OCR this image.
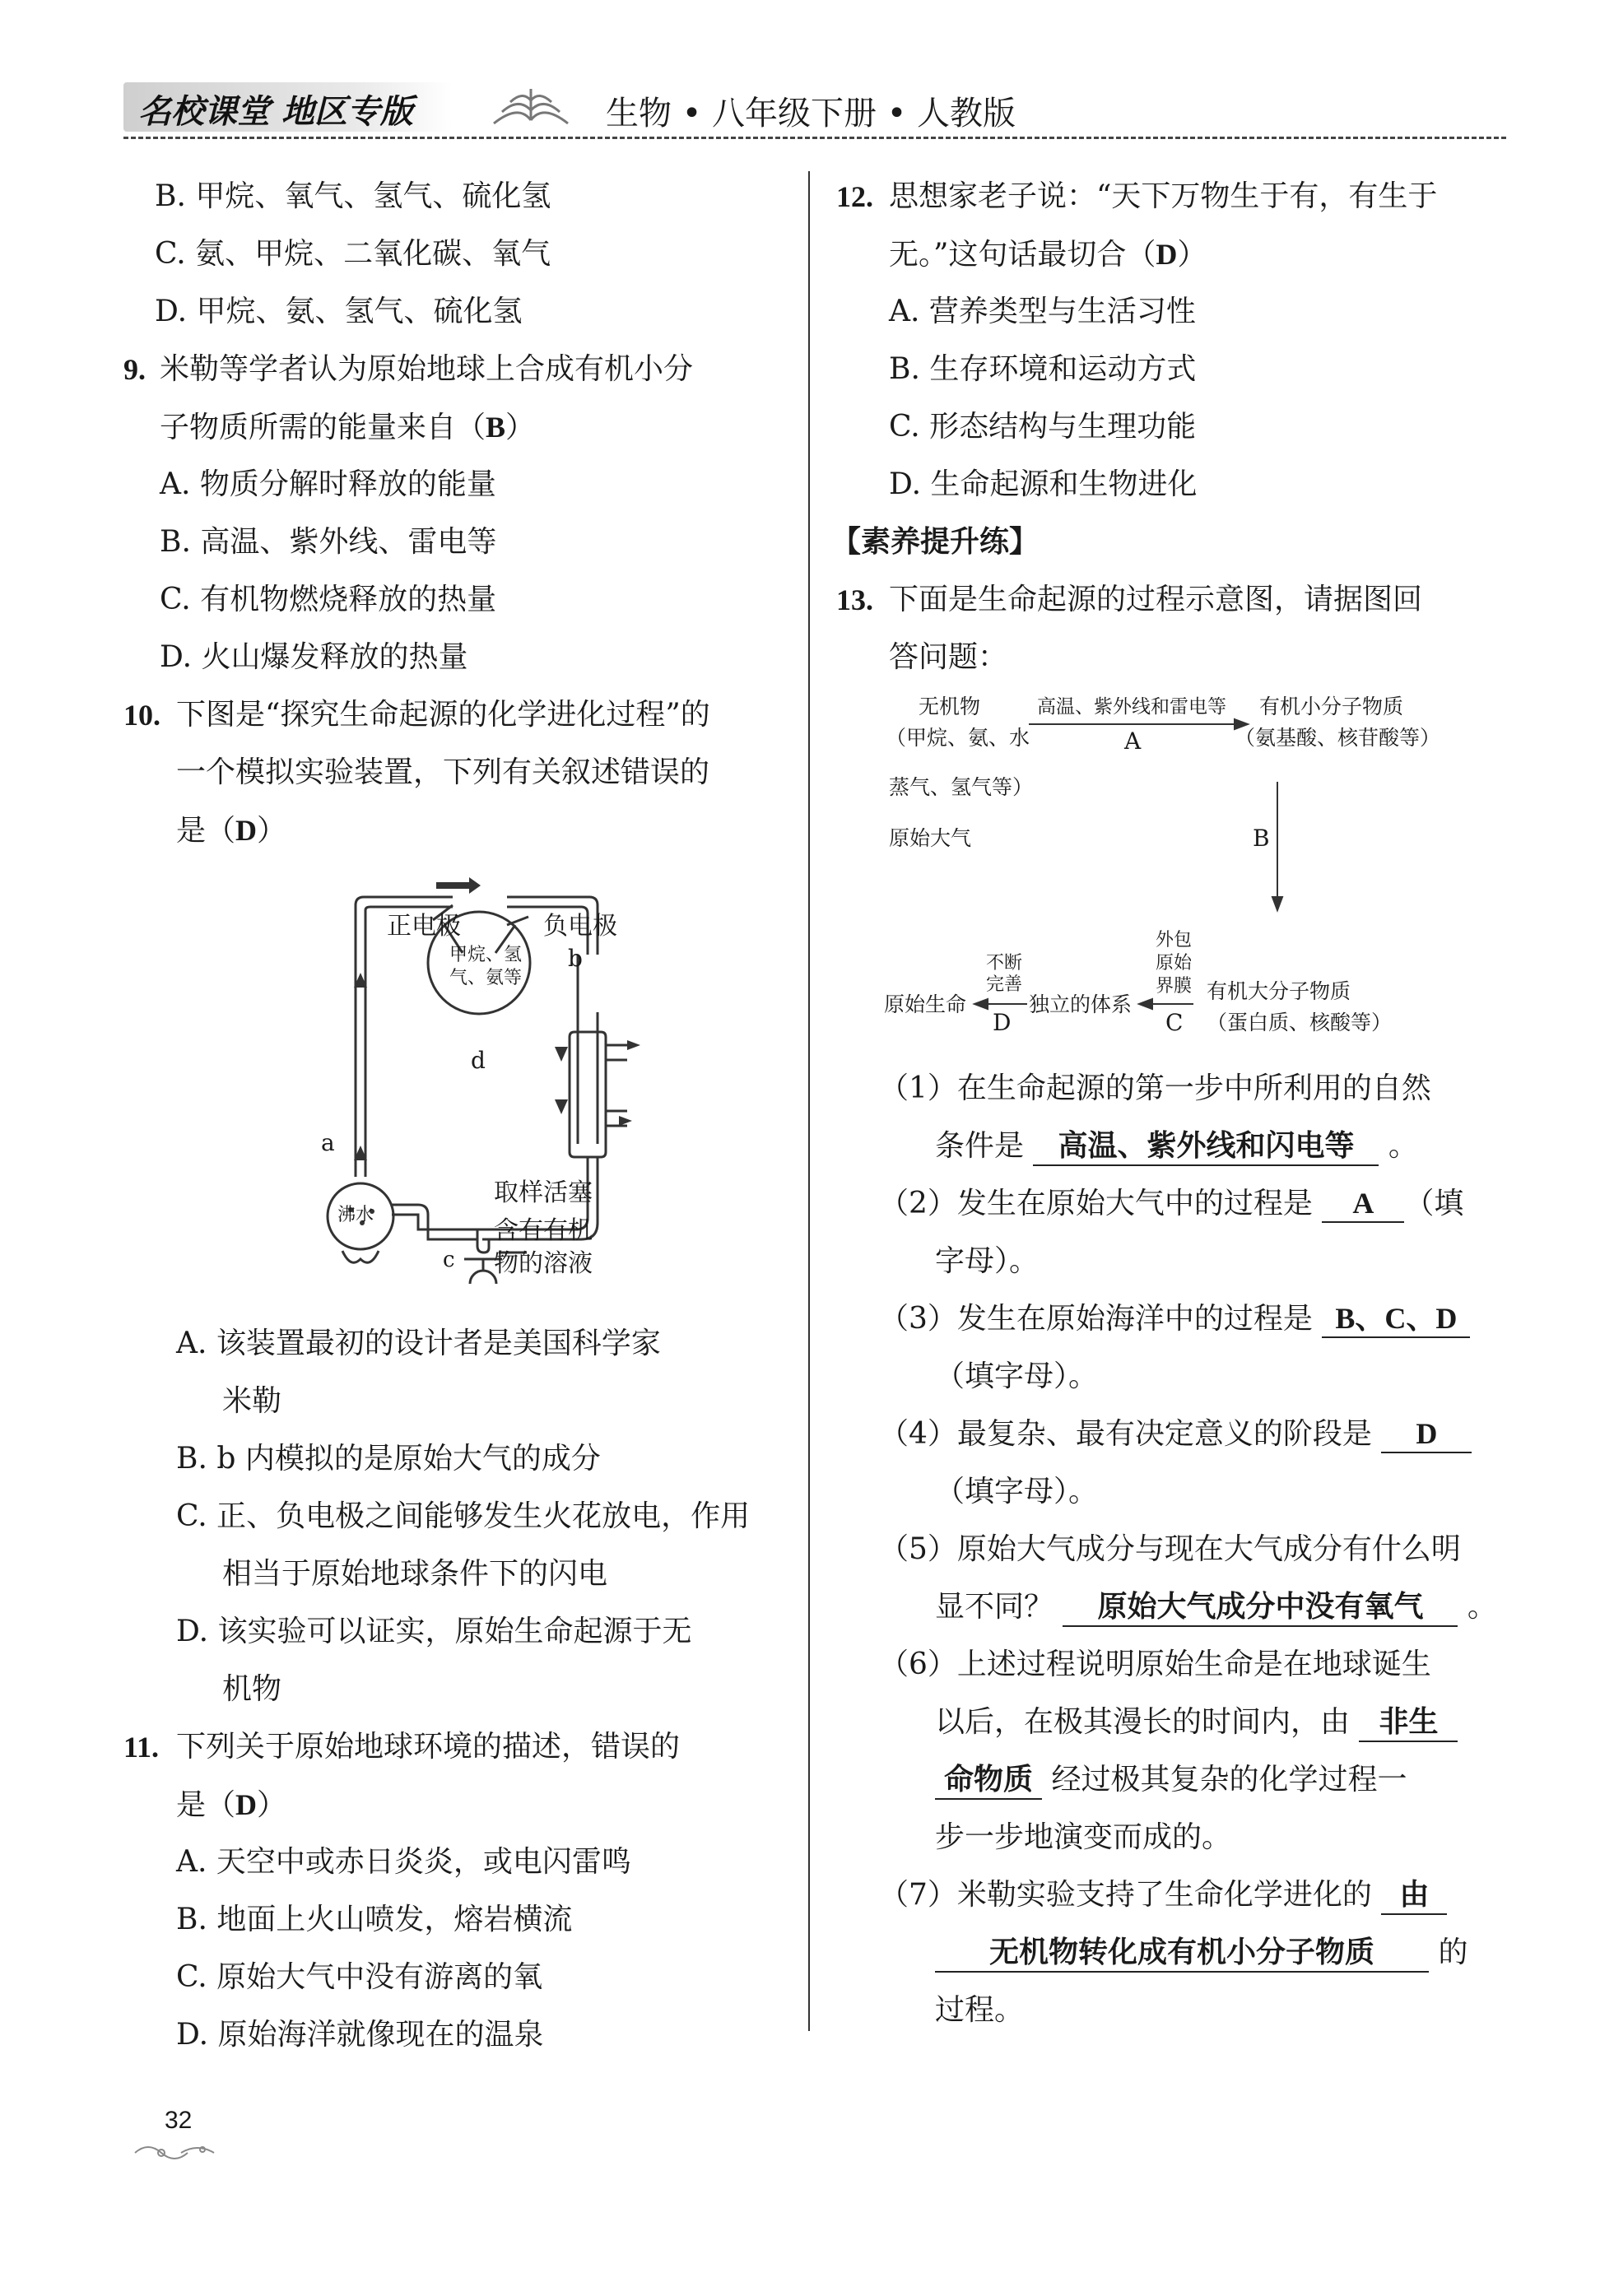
名校课堂 地区专版	生物 • 八年级下册 • 人教版
B. 甲烷、氧气、氢气、硫化氢
C. 氨、甲烷、二氧化碳、氧气
D. 甲烷、氨、氢气、硫化氢
9. 米勒等学者认为原始地球上合成有机小分
子物质所需的能量来自（B）
A. 物质分解时释放的能量
B. 高温、紫外线、雷电等
C. 有机物燃烧释放的热量
D. 火山爆发释放的热量
10. 下图是“探究生命起源的化学进化过程”的
一个模拟实验装置，下列有关叙述错误的
是（D）
正电极	负电极
甲烷、氢
气、氨等
b
d
a
沸水
取样活塞
含有有机
物的溶液
c
A. 该装置最初的设计者是美国科学家
米勒
B. b 内模拟的是原始大气的成分
C. 正、负电极之间能够发生火花放电，作用
相当于原始地球条件下的闪电
D. 该实验可以证实，原始生命起源于无
机物
11. 下列关于原始地球环境的描述，错误的
是（D）
A. 天空中或赤日炎炎，或电闪雷鸣
B. 地面上火山喷发，熔岩横流
C. 原始大气中没有游离的氧
D. 原始海洋就像现在的温泉
12. 思想家老子说：“天下万物生于有，有生于
无。”这句话最切合（D）
A. 营养类型与生活习性
B. 生存环境和运动方式
C. 形态结构与生理功能
D. 生命起源和生物进化
【素养提升练】
13. 下面是生命起源的过程示意图，请据图回
答问题：
无机物
（甲烷、氨、水
蒸气、氢气等）
原始大气
高温、紫外线和雷电等
A
有机小分子物质
（氨基酸、核苷酸等）
B
外包
原始
界膜 有机大分子物质
（蛋白质、核酸等）
C
独立的体系
不断
完善
D
原始生命
（1）在生命起源的第一步中所利用的自然
条件是 高温、紫外线和闪电等 。
（2）发生在原始大气中的过程是 A （填
字母）。
（3）发生在原始海洋中的过程是 B、C、D
（填字母）。
（4）最复杂、最有决定意义的阶段是 D
（填字母）。
（5）原始大气成分与现在大气成分有什么明
显不同？ 原始大气成分中没有氧气 。
（6）上述过程说明原始生命是在地球诞生
以后，在极其漫长的时间内，由 非生
命物质 经过极其复杂的化学过程一
步一步地演变而成的。
（7）米勒实验支持了生命化学进化的 由
无机物转化成有机小分子物质 的
过程。
32
